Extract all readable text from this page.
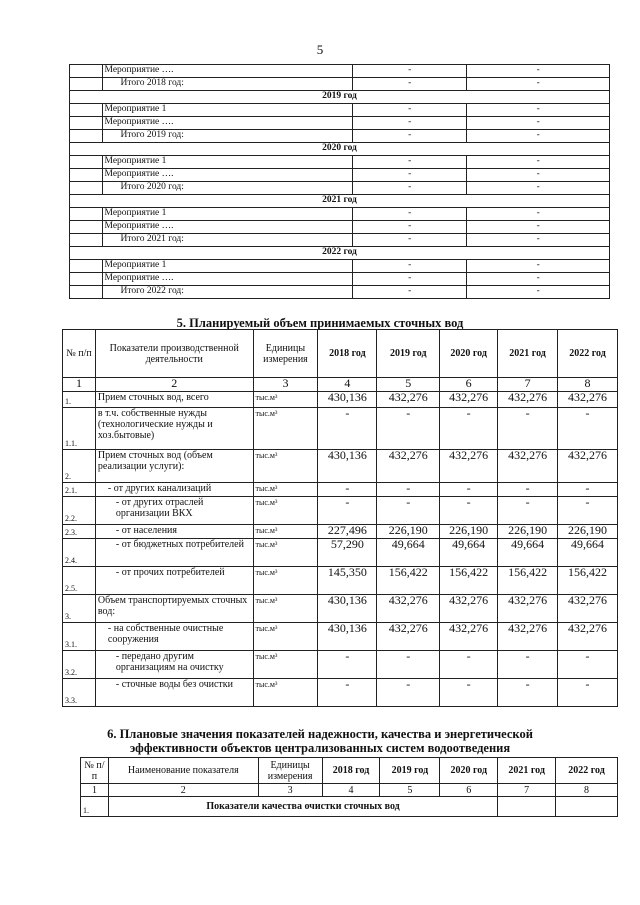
5
	Мероприятие ….	-	-
	Итого 2018 год:	-	-
2019 год			
	Мероприятие 1	-	-
	Мероприятие ….	-	-
	Итого 2019 год:	-	-
2020 год			
	Мероприятие 1	-	-
	Мероприятие ….	-	-
	Итого 2020 год:	-	-
2021 год			
	Мероприятие 1	-	-
	Мероприятие ….	-	-
	Итого 2021 год:	-	-
2022 год			
	Мероприятие 1	-	-
	Мероприятие ….	-	-
	Итого 2022 год:	-	-
5. Планируемый объем принимаемых сточных вод
№ п/п	Показатели производственной деятельности	Единицы измерения	2018 год	2019 год	2020 год	2021 год	2022 год
1	2	3	4	5	6	7	8
1.	Прием сточных вод, всего	тыс.м³	430,136	432,276	432,276	432,276	432,276
1.1.	в т.ч. собственные нужды (технологические нужды и хоз.бытовые)	тыс.м³	-	-	-	-	-
2.	Прием сточных вод (объем реализации услуги):	тыс.м³	430,136	432,276	432,276	432,276	432,276
2.1.	- от других канализаций	тыс.м³	-	-	-	-	-
2.2.	- от других отраслей организации ВКХ	тыс.м³	-	-	-	-	-
2.3.	- от населения	тыс.м³	227,496	226,190	226,190	226,190	226,190
2.4.	- от бюджетных потребителей	тыс.м³	57,290	49,664	49,664	49,664	49,664
2.5.	- от прочих потребителей	тыс.м³	145,350	156,422	156,422	156,422	156,422
3.	Объем транспортируемых сточных вод:	тыс.м³	430,136	432,276	432,276	432,276	432,276
3.1.	- на собственные очистные сооружения	тыс.м³	430,136	432,276	432,276	432,276	432,276
3.2.	- передано другим организациям на очистку	тыс.м³	-	-	-	-	-
3.3.	- сточные воды без очистки	тыс.м³	-	-	-	-	-
6. Плановые значения показателей надежности, качества и энергетической
эффективности объектов централизованных систем водоотведения
№ п/п	Наименование показателя	Единицы измерения	2018 год	2019 год	2020 год	2021 год	2022 год
1	2	3	4	5	6	7	8
1.	Показатели качества очистки сточных вод						
